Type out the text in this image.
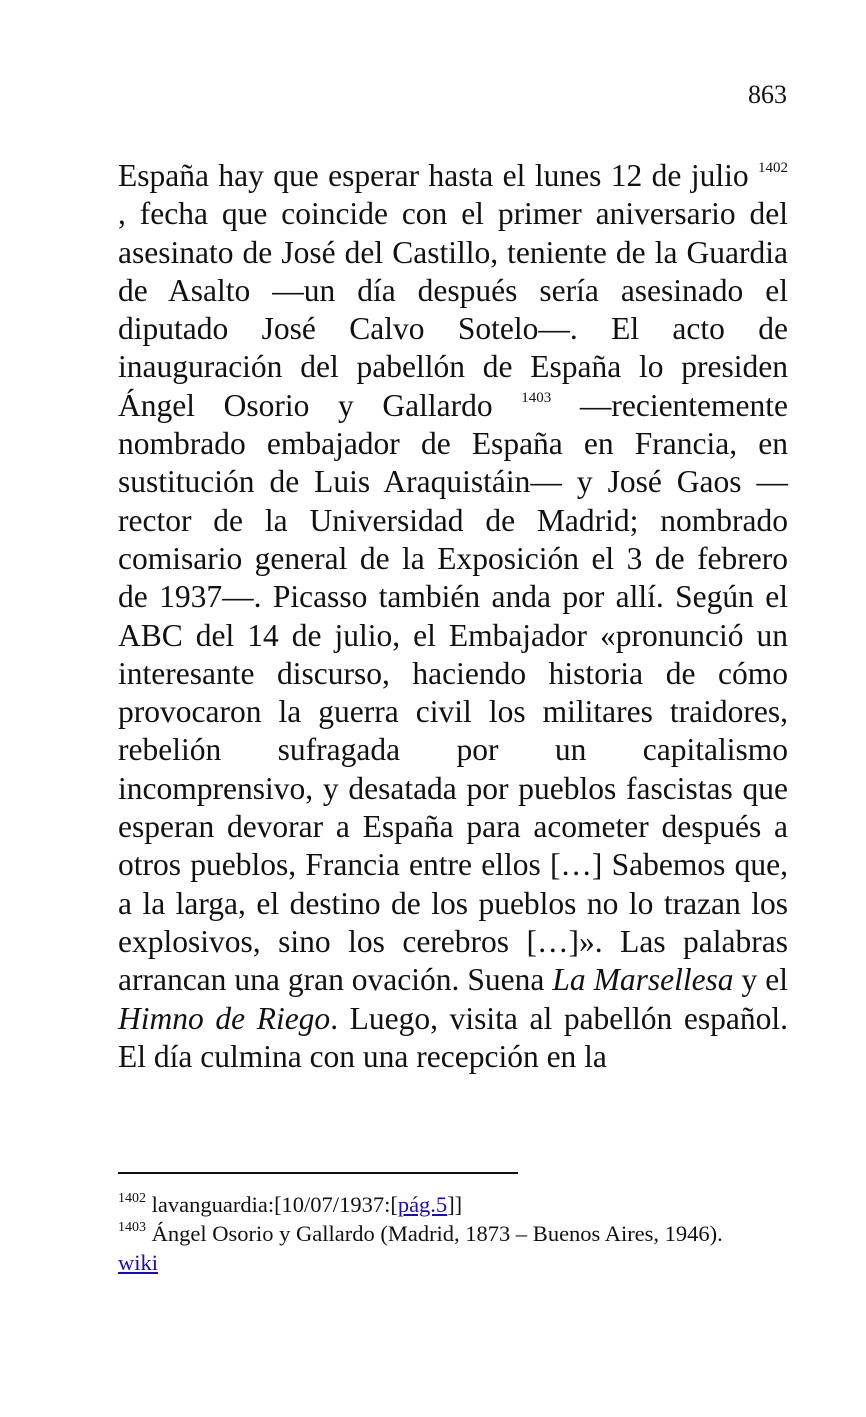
863

España hay que esperar hasta el lunes 12 de julio $^{1402}$ , fecha que coincide con el primer aniversario del asesinato de José del Castillo, teniente de la Guardia de Asalto —un día después sería asesinado el diputado José Calvo Sotelo—. El acto de inauguración del pabellón de España lo presiden Ángel Osorio y Gallardo $^{1403}$ —recientemente nombrado embajador de España en Francia, en sustitución de Luis Araquistáin— y José Gaos —rector de la Universidad de Madrid; nombrado comisario general de la Exposición el 3 de febrero de 1937—. Picasso también anda por allí. Según el ABC del 14 de julio, el Embajador «pronunció un interesante discurso, haciendo historia de cómo provocaron la guerra civil los militares traidores, rebelión sufragada por un capitalismo incomprensivo, y desatada por pueblos fascistas que esperan devorar a España para acometer después a otros pueblos, Francia entre ellos […] Sabemos que, a la larga, el destino de los pueblos no lo trazan los explosivos, sino los cerebros […]». Las palabras arrancan una gran ovación. Suena La Marsellesa y el Himno de Riego. Luego, visita al pabellón español. El día culmina con una recepción en la

$^{1402}$ lavanguardia:[10/07/1937:[pág.5]]

$^{1403}$ Ángel Osorio y Gallardo (Madrid, 1873 – Buenos Aires, 1946).

wiki
